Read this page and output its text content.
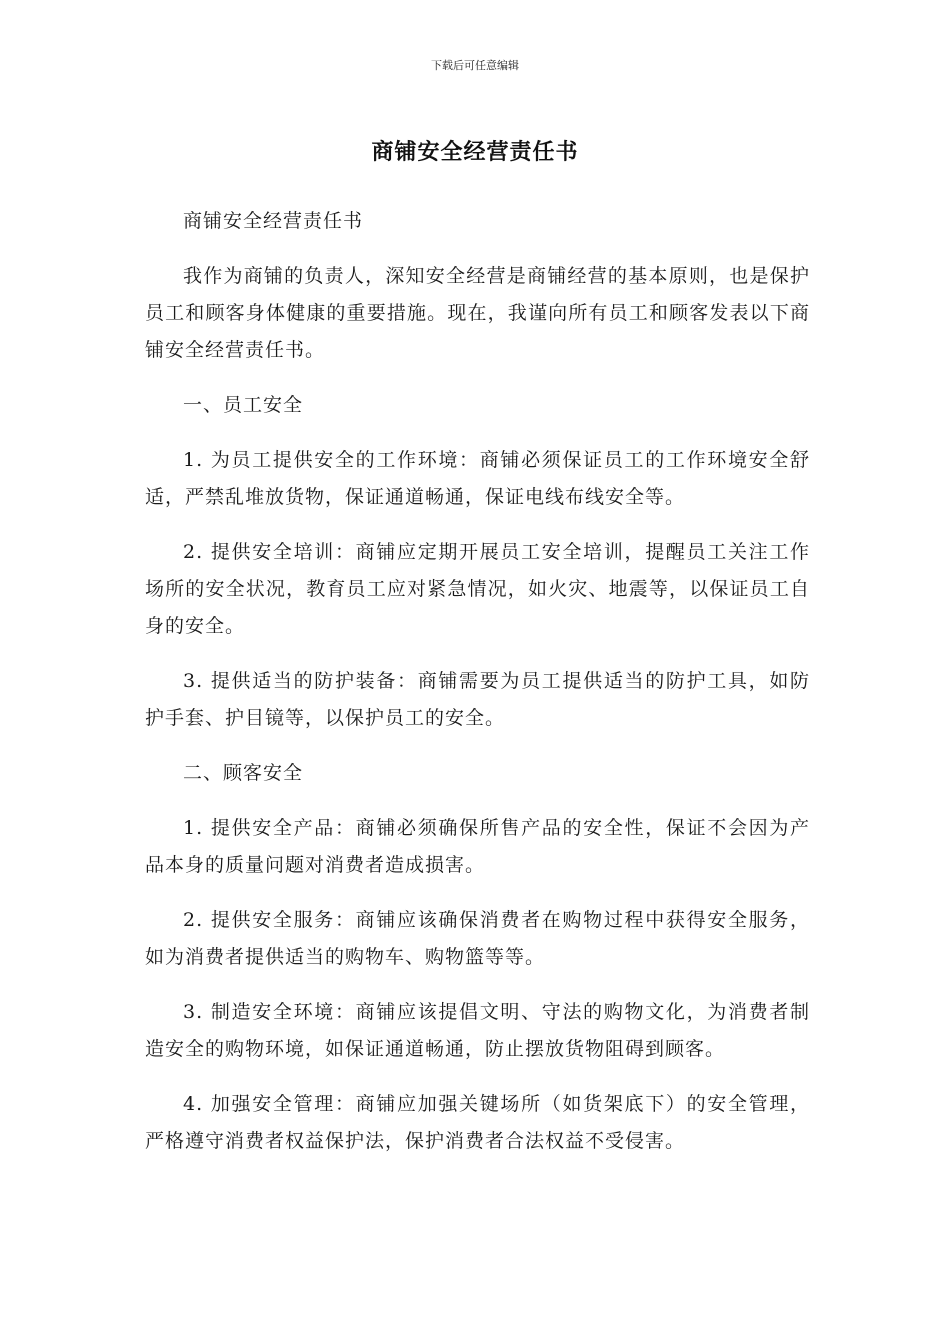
下载后可任意编辑
商铺安全经营责任书

商铺安全经营责任书

我作为商铺的负责人，深知安全经营是商铺经营的基本原则，也是保护员工和顾客身体健康的重要措施。现在，我谨向所有员工和顾客发表以下商铺安全经营责任书。

一、员工安全

1. 为员工提供安全的工作环境：商铺必须保证员工的工作环境安全舒适，严禁乱堆放货物，保证通道畅通，保证电线布线安全等。

2. 提供安全培训：商铺应定期开展员工安全培训，提醒员工关注工作场所的安全状况，教育员工应对紧急情况，如火灾、地震等，以保证员工自身的安全。

3. 提供适当的防护装备：商铺需要为员工提供适当的防护工具，如防护手套、护目镜等，以保护员工的安全。

二、顾客安全

1. 提供安全产品：商铺必须确保所售产品的安全性，保证不会因为产品本身的质量问题对消费者造成损害。

2. 提供安全服务：商铺应该确保消费者在购物过程中获得安全服务，如为消费者提供适当的购物车、购物篮等等。

3. 制造安全环境：商铺应该提倡文明、守法的购物文化，为消费者制造安全的购物环境，如保证通道畅通，防止摆放货物阻碍到顾客。

4. 加强安全管理：商铺应加强关键场所（如货架底下）的安全管理，严格遵守消费者权益保护法，保护消费者合法权益不受侵害。
